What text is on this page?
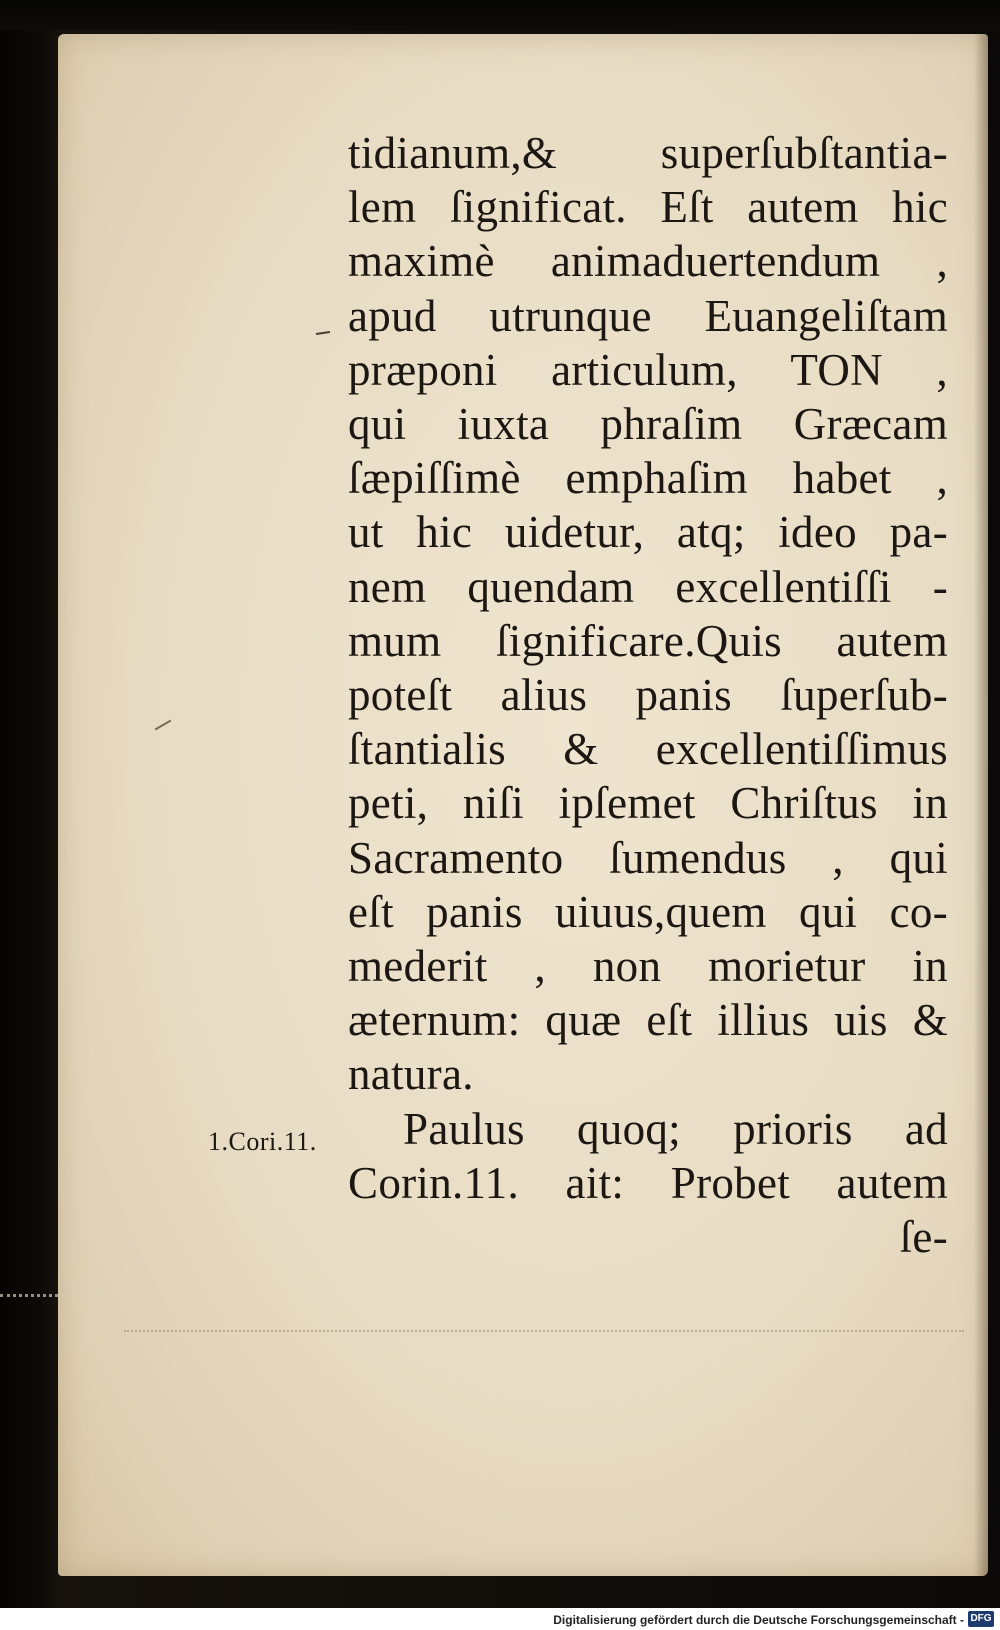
tidianum,& superſubſtantia-
lem ſignificat. Eſt autem hic
maximè animaduertendum ,
apud utrunque Euangeliſtam
præponi articulum, TON ,
qui iuxta phraſim Græcam
ſæpiſſimè emphaſim habet ,
ut hic uidetur, atq; ideo pa-
nem quendam excellentiſſi -
mum ſignificare.Quis autem
poteſt alius panis ſuperſub-
ſtantialis & excellentiſſimus
peti, niſi ipſemet Chriſtus in
Sacramento ſumendus , qui
eſt panis uiuus,quem qui co-
mederit , non morietur in
æternum: quæ eſt illius uis &
natura.
Paulus quoq; prioris ad
Corin.11. ait: Probet autem
ſe-
1.Cori.11.
Digitalisierung gefördert durch die Deutsche Forschungsgemeinschaft - DFG
